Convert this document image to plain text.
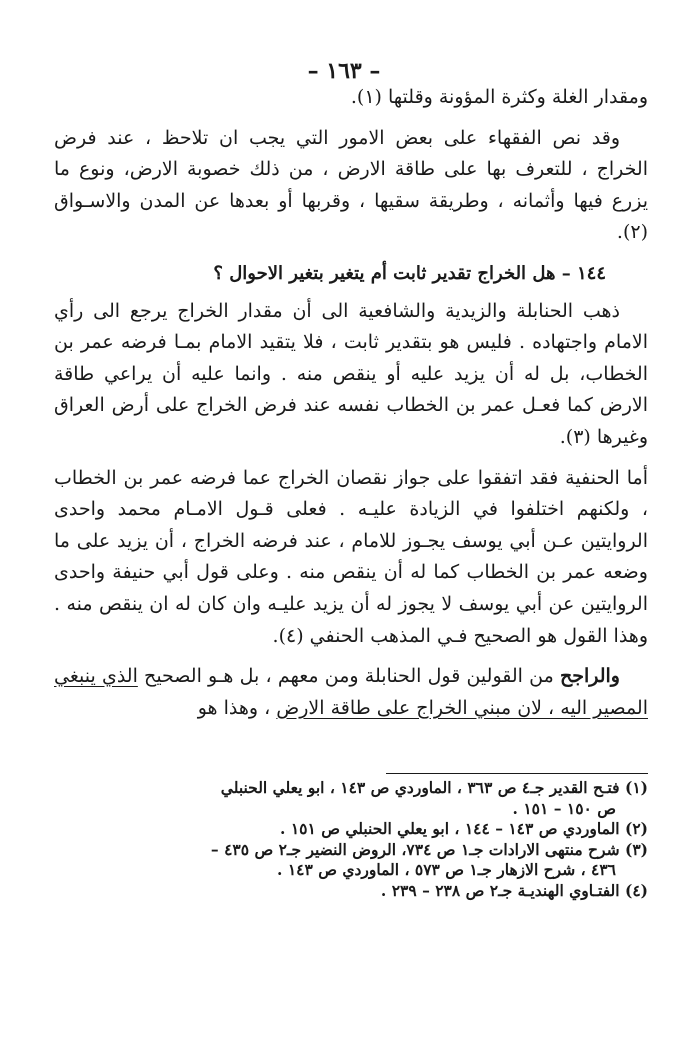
– ١٦٣ –

ومقدار الغلة وكثرة المؤونة وقلتها (١).

وقد نص الفقهاء على بعض الامور التي يجب ان تلاحظ ، عند فرض الخراج ، للتعرف بها على طاقة الارض ، من ذلك خصوبة الارض، ونوع ما يزرع فيها وأثمانه ، وطريقة سقيها ، وقربها أو بعدها عن المدن والاسـواق (٢).

١٤٤ – هل الخراج تقدير ثابت أم يتغير بتغير الاحوال ؟

ذهب الحنابلة والزيدية والشافعية الى أن مقدار الخراج يرجع الى رأي الامام واجتهاده . فليس هو بتقدير ثابت ، فلا يتقيد الامام بمـا فرضه عمر بن الخطاب، بل له أن يزيد عليه أو ينقص منه . وانما عليه أن يراعي طاقة الارض كما فعـل عمر بن الخطاب نفسه عند فرض الخراج على أرض العراق وغيرها (٣).

أما الحنفية فقد اتفقوا على جواز نقصان الخراج عما فرضه عمر بن الخطاب ، ولكنهم اختلفوا في الزيادة عليـه . فعلى قـول الامـام محمد واحدى الروايتين عـن أبي يوسف يجـوز للامام ، عند فرضه الخراج ، أن يزيد على ما وضعه عمر بن الخطاب كما له أن ينقص منه . وعلى قول أبي حنيفة واحدى الروايتين عن أبي يوسف لا يجوز له أن يزيد عليـه وان كان له ان ينقص منه . وهذا القول هو الصحيح فـي المذهب الحنفي (٤).

والراجح من القولين قول الحنابلة ومن معهم ، بل هـو الصحيح الذي ينبغي المصير اليه ، لان مبني الخراج على طاقة الارض ، وهذا هو

(١) فتـح القدير جـ٤ ص ٣٦٣ ، الماوردي ص ١٤٣ ، ابو يعلي الحنبلي

ص ١٥٠ – ١٥١ .

(٢) الماوردي ص ١٤٣ – ١٤٤ ، ابو يعلي الحنبلي ص ١٥١ .

(٣) شرح منتهى الارادات جـ١ ص ٧٣٤، الروض النضير جـ٢ ص ٤٣٥ –

٤٣٦ ، شرح الازهار جـ١ ص ٥٧٣ ، الماوردي ص ١٤٣ .

(٤) الفتـاوي الهنديـة جـ٢ ص ٢٣٨ – ٢٣٩ .
